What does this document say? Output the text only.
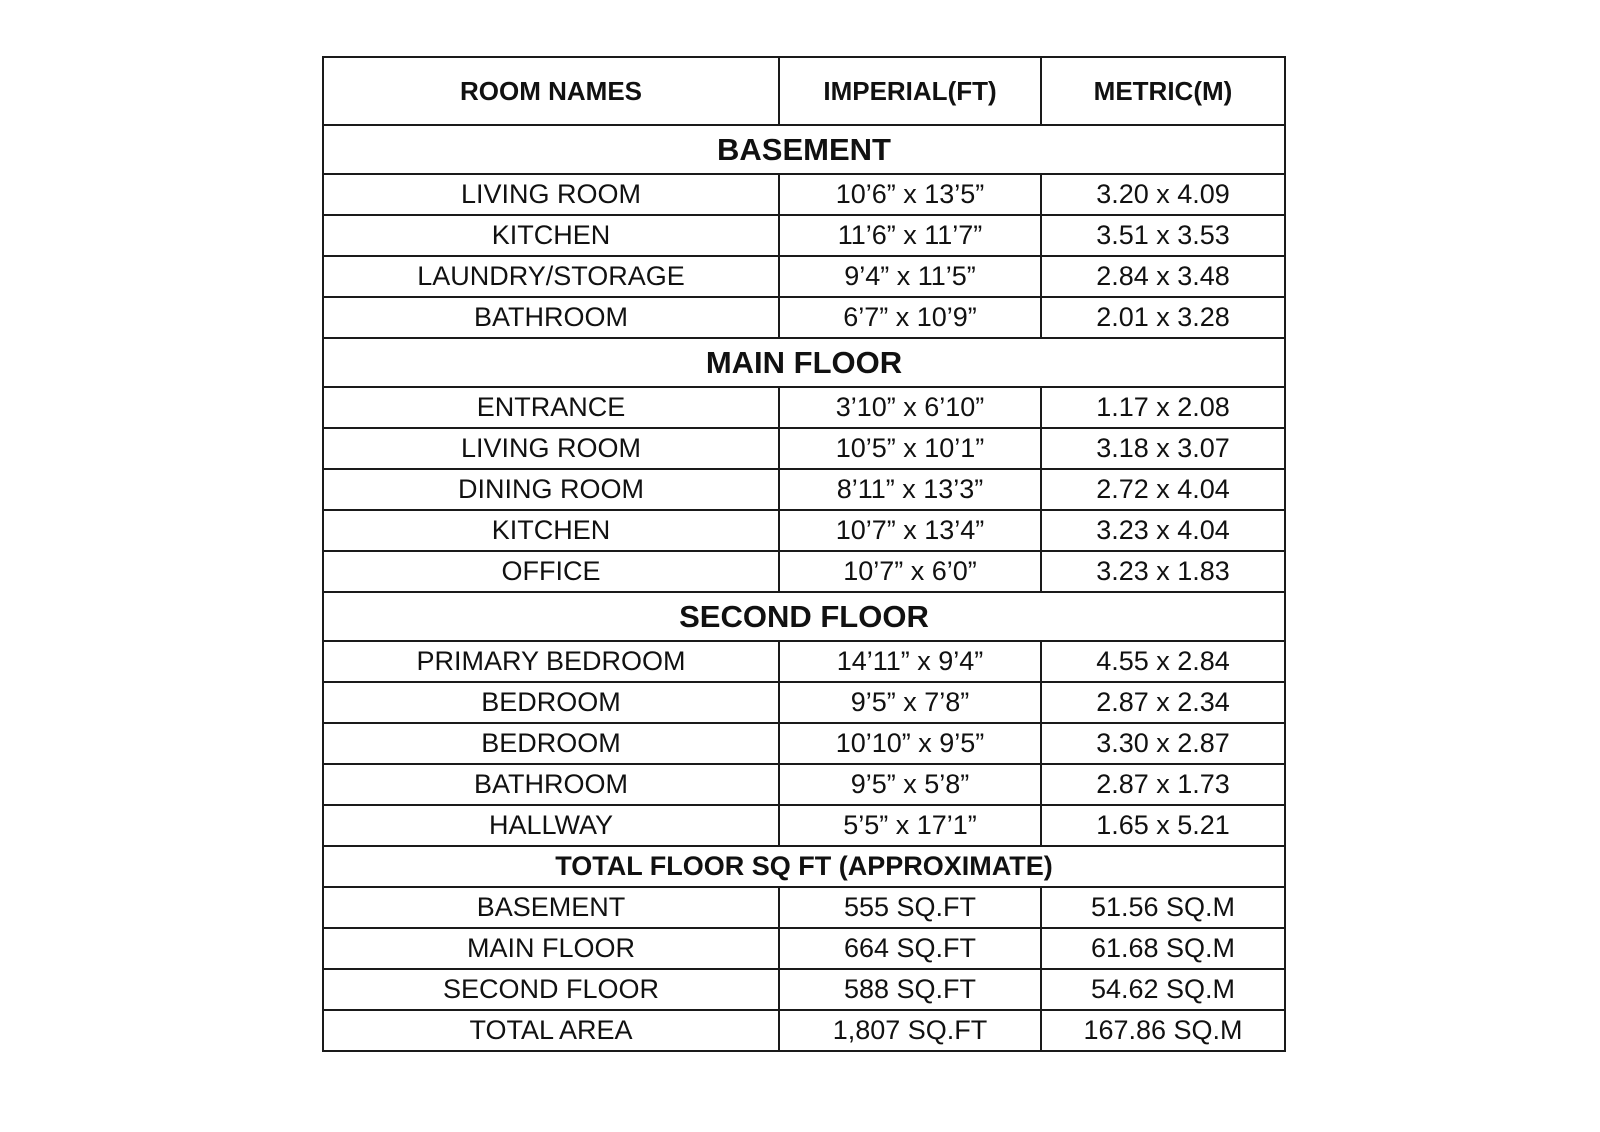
ROOM NAMES	IMPERIAL(FT)	METRIC(M)
BASEMENT		
LIVING ROOM	10’6” x 13’5”	3.20 x 4.09
KITCHEN	11’6” x 11’7”	3.51 x 3.53
LAUNDRY/STORAGE	9’4” x 11’5”	2.84 x 3.48
BATHROOM	6’7” x 10’9”	2.01 x 3.28
MAIN FLOOR		
ENTRANCE	3’10” x 6’10”	1.17 x 2.08
LIVING ROOM	10’5” x 10’1”	3.18 x 3.07
DINING ROOM	8’11” x 13’3”	2.72 x 4.04
KITCHEN	10’7” x 13’4”	3.23 x 4.04
OFFICE	10’7” x 6’0”	3.23 x 1.83
SECOND FLOOR		
PRIMARY BEDROOM	14’11” x 9’4”	4.55 x 2.84
BEDROOM	9’5” x 7’8”	2.87 x 2.34
BEDROOM	10’10” x 9’5”	3.30 x 2.87
BATHROOM	9’5” x 5’8”	2.87 x 1.73
HALLWAY	5’5” x 17’1”	1.65 x 5.21
TOTAL FLOOR SQ FT (APPROXIMATE)		
BASEMENT	555 SQ.FT	51.56 SQ.M
MAIN FLOOR	664 SQ.FT	61.68 SQ.M
SECOND FLOOR	588 SQ.FT	54.62 SQ.M
TOTAL AREA	1,807 SQ.FT	167.86 SQ.M
